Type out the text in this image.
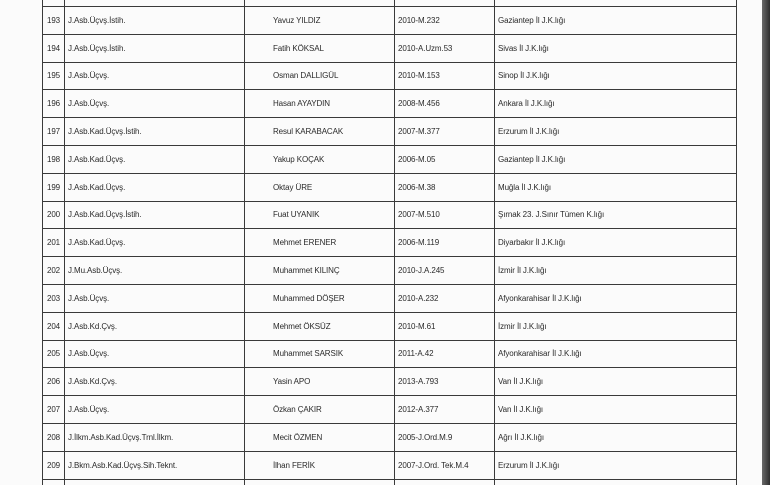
193	J.Asb.Üçvş.İstih.	Yavuz YILDIZ	2010-M.232	Gaziantep İl J.K.lığı
194	J.Asb.Üçvş.İstih.	Fatih KÖKSAL	2010-A.Uzm.53	Sivas İl J.K.lığı
195	J.Asb.Üçvş.	Osman DALLIGÜL	2010-M.153	Sinop İl J.K.lığı
196	J.Asb.Üçvş.	Hasan AYAYDIN	2008-M.456	Ankara İl J.K.lığı
197	J.Asb.Kad.Üçvş.İstih.	Resul KARABACAK	2007-M.377	Erzurum İl J.K.lığı
198	J.Asb.Kad.Üçvş.	Yakup KOÇAK	2006-M.05	Gaziantep İl J.K.lığı
199	J.Asb.Kad.Üçvş.	Oktay ÜRE	2006-M.38	Muğla İl J.K.lığı
200	J.Asb.Kad.Üçvş.İstih.	Fuat UYANIK	2007-M.510	Şırnak 23. J.Sınır Tümen K.lığı
201	J.Asb.Kad.Üçvş.	Mehmet ERENER	2006-M.119	Diyarbakır İl J.K.lığı
202	J.Mu.Asb.Üçvş.	Muhammet KILINÇ	2010-J.A.245	İzmir İl J.K.lığı
203	J.Asb.Üçvş.	Muhammed DÖŞER	2010-A.232	Afyonkarahisar İl J.K.lığı
204	J.Asb.Kd.Çvş.	Mehmet ÖKSÜZ	2010-M.61	İzmir İl J.K.lığı
205	J.Asb.Üçvş.	Muhammet SARSIK	2011-A.42	Afyonkarahisar İl J.K.lığı
206	J.Asb.Kd.Çvş.	Yasin APO	2013-A.793	Van İl J.K.lığı
207	J.Asb.Üçvş.	Özkan ÇAKIR	2012-A.377	Van İl J.K.lığı
208	J.İlkm.Asb.Kad.Üçvş.Trnl.İlkm.	Mecit ÖZMEN	2005-J.Ord.M.9	Ağrı İl J.K.lığı
209	J.Bkm.Asb.Kad.Üçvş.Sih.Teknt.	İlhan FERİK	2007-J.Ord. Tek.M.4	Erzurum İl J.K.lığı
